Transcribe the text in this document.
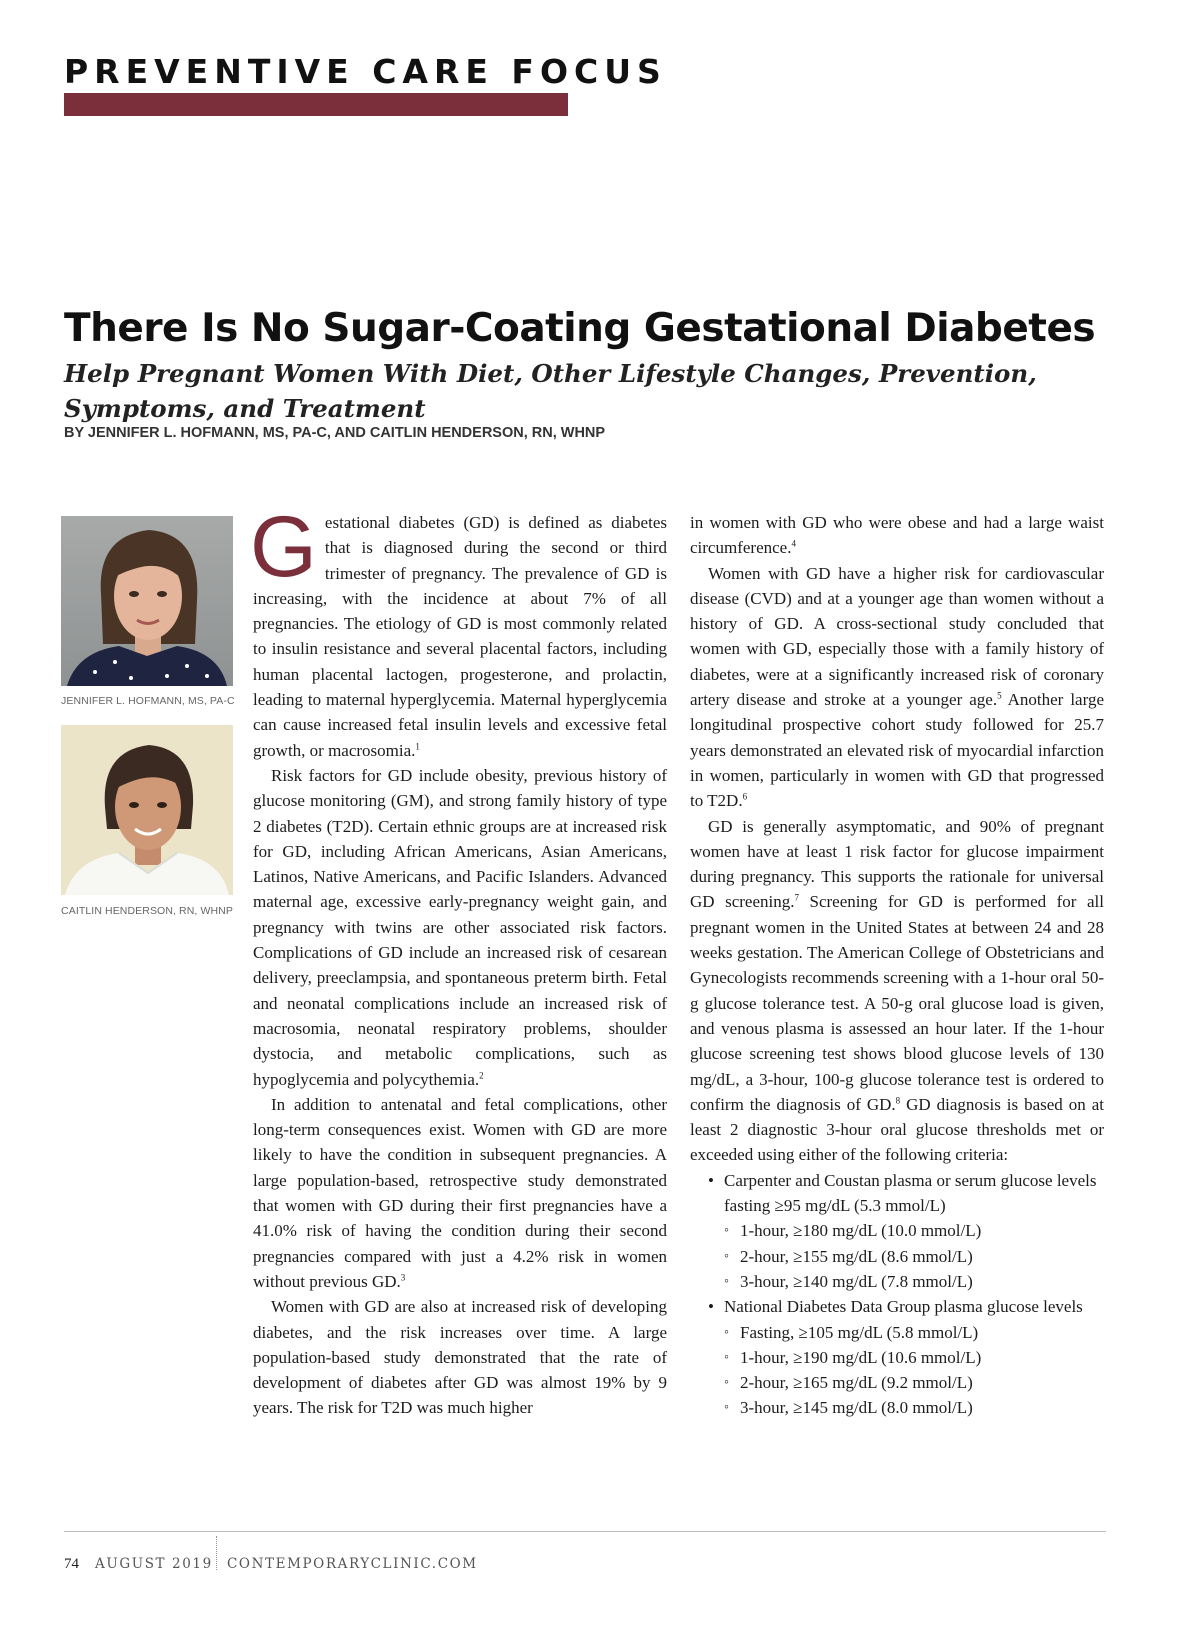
PREVENTIVE CARE FOCUS
There Is No Sugar-Coating Gestational Diabetes
Help Pregnant Women With Diet, Other Lifestyle Changes, Prevention, Symptoms, and Treatment
BY JENNIFER L. HOFMANN, MS, PA-C, AND CAITLIN HENDERSON, RN, WHNP
JENNIFER L. HOFMANN, MS, PA-C
CAITLIN HENDERSON, RN, WHNP

Gestational diabetes (GD) is defined as diabetes that is diagnosed during the second or third trimester of pregnancy. The prevalence of GD is increasing, with the incidence at about 7% of all pregnancies. The etiology of GD is most commonly related to insulin resistance and several placental factors, including human placental lactogen, progesterone, and prolactin, leading to maternal hyperglycemia. Maternal hyperglycemia can cause increased fetal insulin levels and excessive fetal growth, or macrosomia.$^1$

Risk factors for GD include obesity, previous history of glucose monitoring (GM), and strong family history of type 2 diabetes (T2D). Certain ethnic groups are at increased risk for GD, including African Americans, Asian Americans, Latinos, Native Americans, and Pacific Islanders. Advanced maternal age, excessive early-pregnancy weight gain, and pregnancy with twins are other associated risk factors. Complications of GD include an increased risk of cesarean delivery, preeclampsia, and spontaneous preterm birth. Fetal and neonatal complications include an increased risk of macrosomia, neonatal respiratory problems, shoulder dystocia, and metabolic complications, such as hypoglycemia and polycythemia.$^2$

In addition to antenatal and fetal complications, other long-term consequences exist. Women with GD are more likely to have the condition in subsequent pregnancies. A large population-based, retrospective study demonstrated that women with GD during their first pregnancies have a 41.0% risk of having the condition during their second pregnancies compared with just a 4.2% risk in women without previous GD.$^3$

Women with GD are also at increased risk of developing diabetes, and the risk increases over time. A large population-based study demonstrated that the rate of development of diabetes after GD was almost 19% by 9 years. The risk for T2D was much higher

in women with GD who were obese and had a large waist circumference.$^4$

Women with GD have a higher risk for cardiovascular disease (CVD) and at a younger age than women without a history of GD. A cross-sectional study concluded that women with GD, especially those with a family history of diabetes, were at a significantly increased risk of coronary artery disease and stroke at a younger age.$^5$ Another large longitudinal prospective cohort study followed for 25.7 years demonstrated an elevated risk of myocardial infarction in women, particularly in women with GD that progressed to T2D.$^6$

GD is generally asymptomatic, and 90% of pregnant women have at least 1 risk factor for glucose impairment during pregnancy. This supports the rationale for universal GD screening.$^7$ Screening for GD is performed for all pregnant women in the United States at between 24 and 28 weeks gestation. The American College of Obstetricians and Gynecologists recommends screening with a 1-hour oral 50-g glucose tolerance test. A 50-g oral glucose load is given, and venous plasma is assessed an hour later. If the 1-hour glucose screening test shows blood glucose levels of 130 mg/dL, a 3-hour, 100-g glucose tolerance test is ordered to confirm the diagnosis of GD.$^8$ GD diagnosis is based on at least 2 diagnostic 3-hour oral glucose thresholds met or exceeded using either of the following criteria:

• Carpenter and Coustan plasma or serum glucose levels fasting ≥95 mg/dL (5.3 mmol/L)
◦ 1-hour, ≥180 mg/dL (10.0 mmol/L)
◦ 2-hour, ≥155 mg/dL (8.6 mmol/L)
◦ 3-hour, ≥140 mg/dL (7.8 mmol/L)
• National Diabetes Data Group plasma glucose levels
◦ Fasting, ≥105 mg/dL (5.8 mmol/L)
◦ 1-hour, ≥190 mg/dL (10.6 mmol/L)
◦ 2-hour, ≥165 mg/dL (9.2 mmol/L)
◦ 3-hour, ≥145 mg/dL (8.0 mmol/L)
74 AUGUST 2019 CONTEMPORARYCLINIC.COM
